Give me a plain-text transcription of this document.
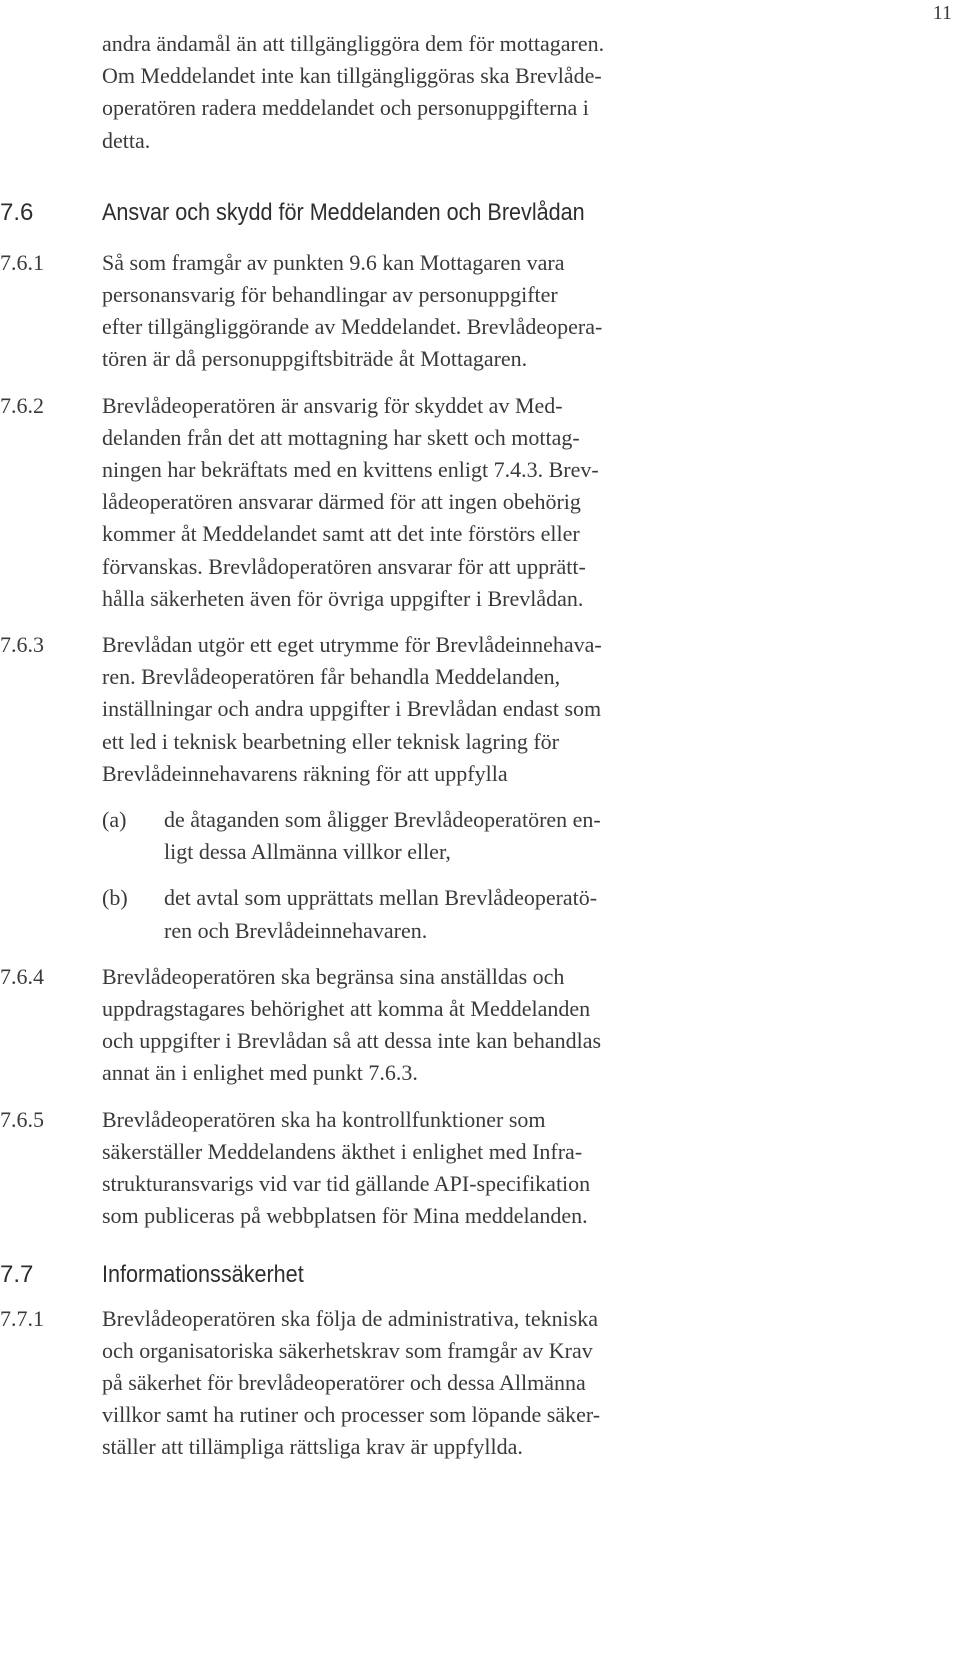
11
andra ändamål än att tillgängliggöra dem för mottagaren.
Om Meddelandet inte kan tillgängliggöras ska Brevlåde-
operatören radera meddelandet och personuppgifterna i
detta.
7.6	Ansvar och skydd för Meddelanden och Brevlådan
7.6.1	Så som framgår av punkten 9.6 kan Mottagaren vara
personansvarig för behandlingar av personuppgifter
efter tillgängliggörande av Meddelandet. Brevlådeopera-
tören är då personuppgiftsbiträde åt Mottagaren.
7.6.2	Brevlådeoperatören är ansvarig för skyddet av Med-
delanden från det att mottagning har skett och mottag-
ningen har bekräftats med en kvittens enligt 7.4.3. Brev-
lådeoperatören ansvarar därmed för att ingen obehörig
kommer åt Meddelandet samt att det inte förstörs eller
förvanskas. Brevlådoperatören ansvarar för att upprätt-
hålla säkerheten även för övriga uppgifter i Brevlådan.
7.6.3	Brevlådan utgör ett eget utrymme för Brevlådeinnehava-
ren. Brevlådeoperatören får behandla Meddelanden,
inställningar och andra uppgifter i Brevlådan endast som
ett led i teknisk bearbetning eller teknisk lagring för
Brevlådeinnehavarens räkning för att uppfylla
(a) de åtaganden som åligger Brevlådeoperatören en-
ligt dessa Allmänna villkor eller,
(b) det avtal som upprättats mellan Brevlådeoperatö-
ren och Brevlådeinnehavaren.
7.6.4	Brevlådeoperatören ska begränsa sina anställdas och
uppdragstagares behörighet att komma åt Meddelanden
och uppgifter i Brevlådan så att dessa inte kan behandlas
annat än i enlighet med punkt 7.6.3.
7.6.5	Brevlådeoperatören ska ha kontrollfunktioner som
säkerställer Meddelandens äkthet i enlighet med Infra-
strukturansvarigs vid var tid gällande API-specifikation
som publiceras på webbplatsen för Mina meddelanden.
7.7	Informationssäkerhet
7.7.1	Brevlådeoperatören ska följa de administrativa, tekniska
och organisatoriska säkerhetskrav som framgår av Krav
på säkerhet för brevlådeoperatörer och dessa Allmänna
villkor samt ha rutiner och processer som löpande säker-
ställer att tillämpliga rättsliga krav är uppfyllda.
